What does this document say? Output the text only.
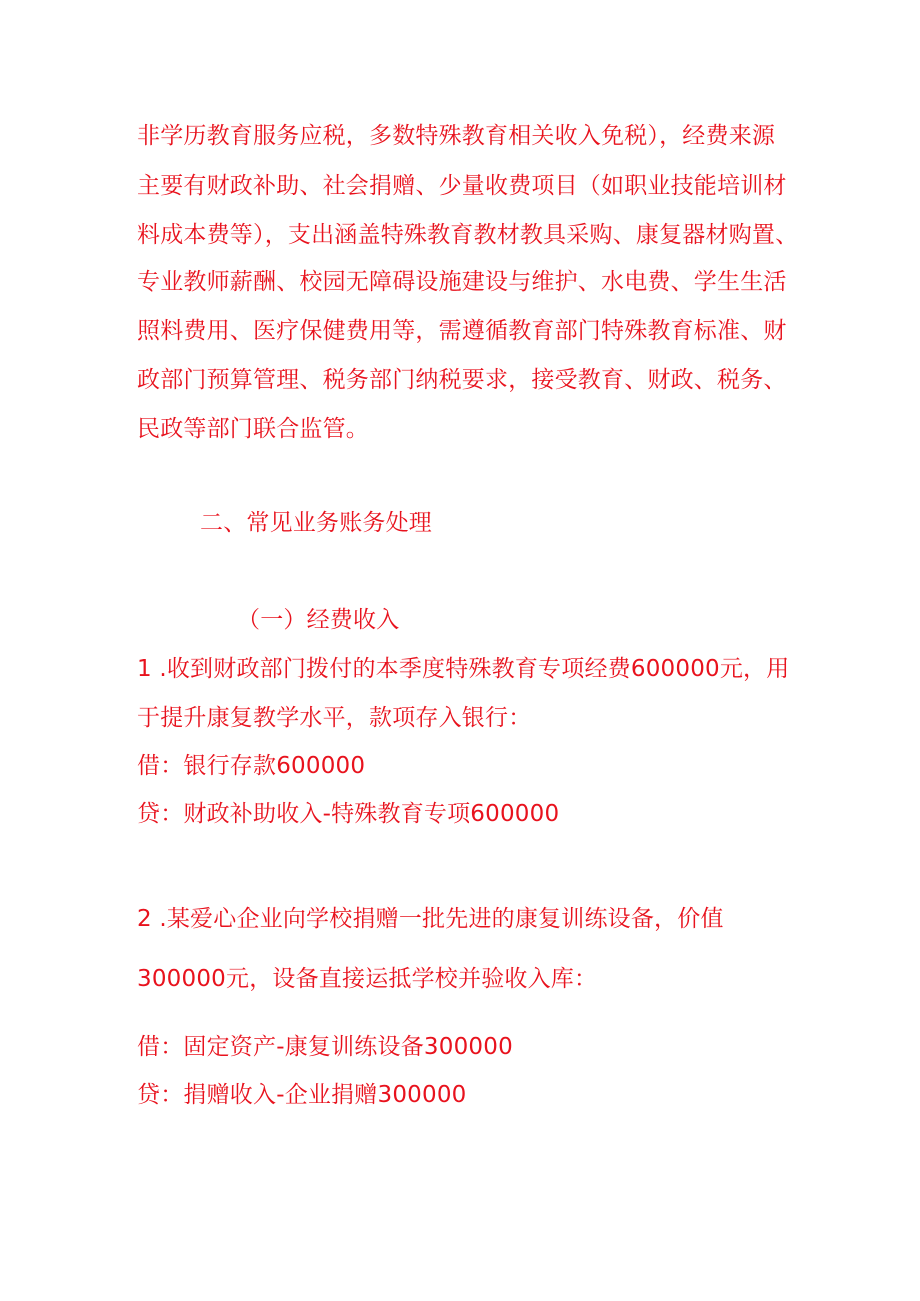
非学历教育服务应税，多数特殊教育相关收入免税），经费来源
主要有财政补助、社会捐赠、少量收费项目（如职业技能培训材
料成本费等），支出涵盖特殊教育教材教具采购、康复器材购置、
专业教师薪酬、校园无障碍设施建设与维护、水电费、学生生活
照料费用、医疗保健费用等，需遵循教育部门特殊教育标准、财
政部门预算管理、税务部门纳税要求，接受教育、财政、税务、
民政等部门联合监管。
二、常见业务账务处理
（一）经费收入
1 .收到财政部门拨付的本季度特殊教育专项经费600000元，用
于提升康复教学水平，款项存入银行：
借：银行存款600000
贷：财政补助收入-特殊教育专项600000
2 .某爱心企业向学校捐赠一批先进的康复训练设备，价值
300000元，设备直接运抵学校并验收入库：
借：固定资产-康复训练设备300000
贷：捐赠收入-企业捐赠300000
